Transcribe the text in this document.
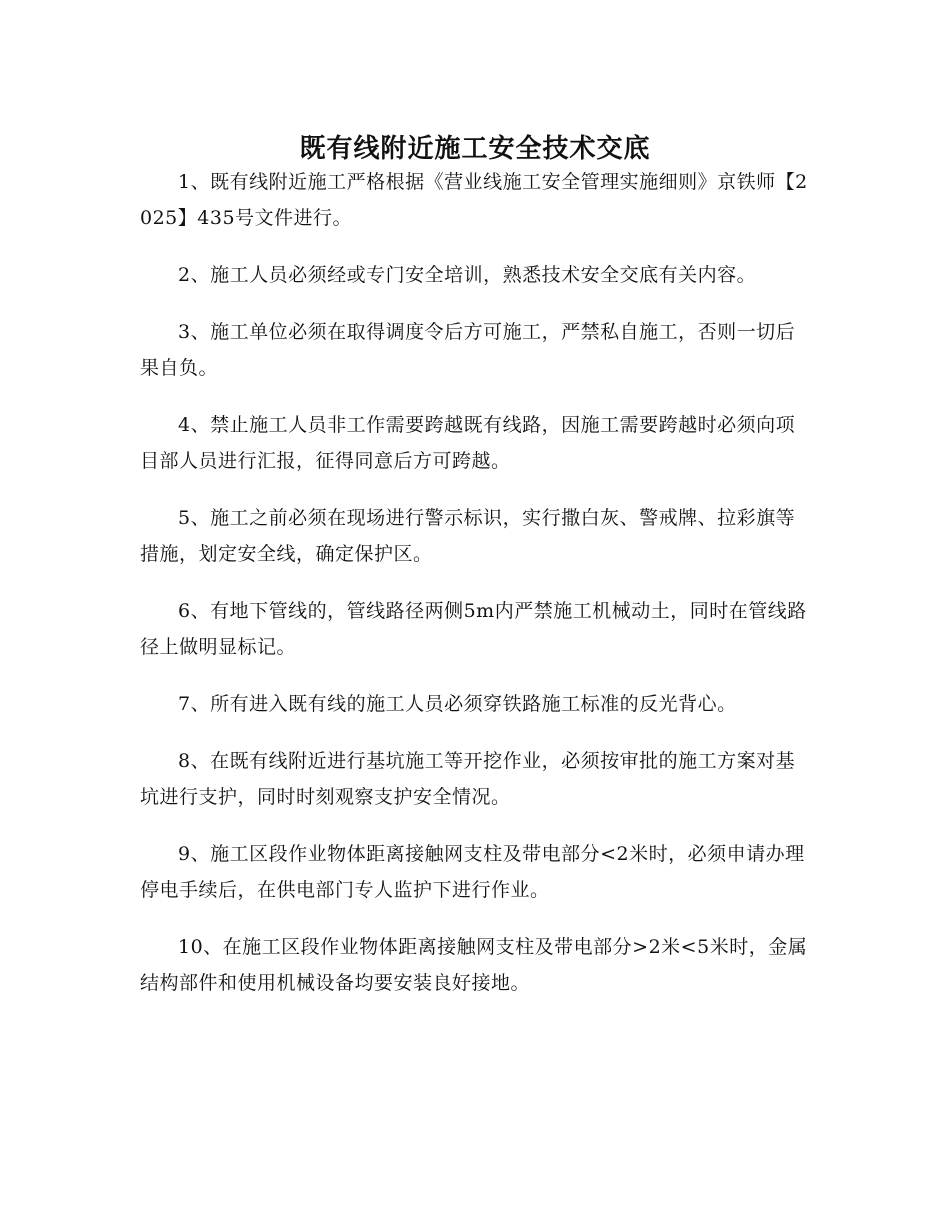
既有线附近施工安全技术交底

1、既有线附近施工严格根据《营业线施工安全管理实施细则》京铁师【2025】435号文件进行。

2、施工人员必须经或专门安全培训，熟悉技术安全交底有关内容。

3、施工单位必须在取得调度令后方可施工，严禁私自施工，否则一切后果自负。

4、禁止施工人员非工作需要跨越既有线路，因施工需要跨越时必须向项目部人员进行汇报，征得同意后方可跨越。

5、施工之前必须在现场进行警示标识，实行撒白灰、警戒牌、拉彩旗等措施，划定安全线，确定保护区。

6、有地下管线的，管线路径两侧5m内严禁施工机械动土，同时在管线路径上做明显标记。

7、所有进入既有线的施工人员必须穿铁路施工标准的反光背心。

8、在既有线附近进行基坑施工等开挖作业，必须按审批的施工方案对基坑进行支护，同时时刻观察支护安全情况。

9、施工区段作业物体距离接触网支柱及带电部分<2米时，必须申请办理停电手续后，在供电部门专人监护下进行作业。

10、在施工区段作业物体距离接触网支柱及带电部分>2米<5米时，金属结构部件和使用机械设备均要安装良好接地。
